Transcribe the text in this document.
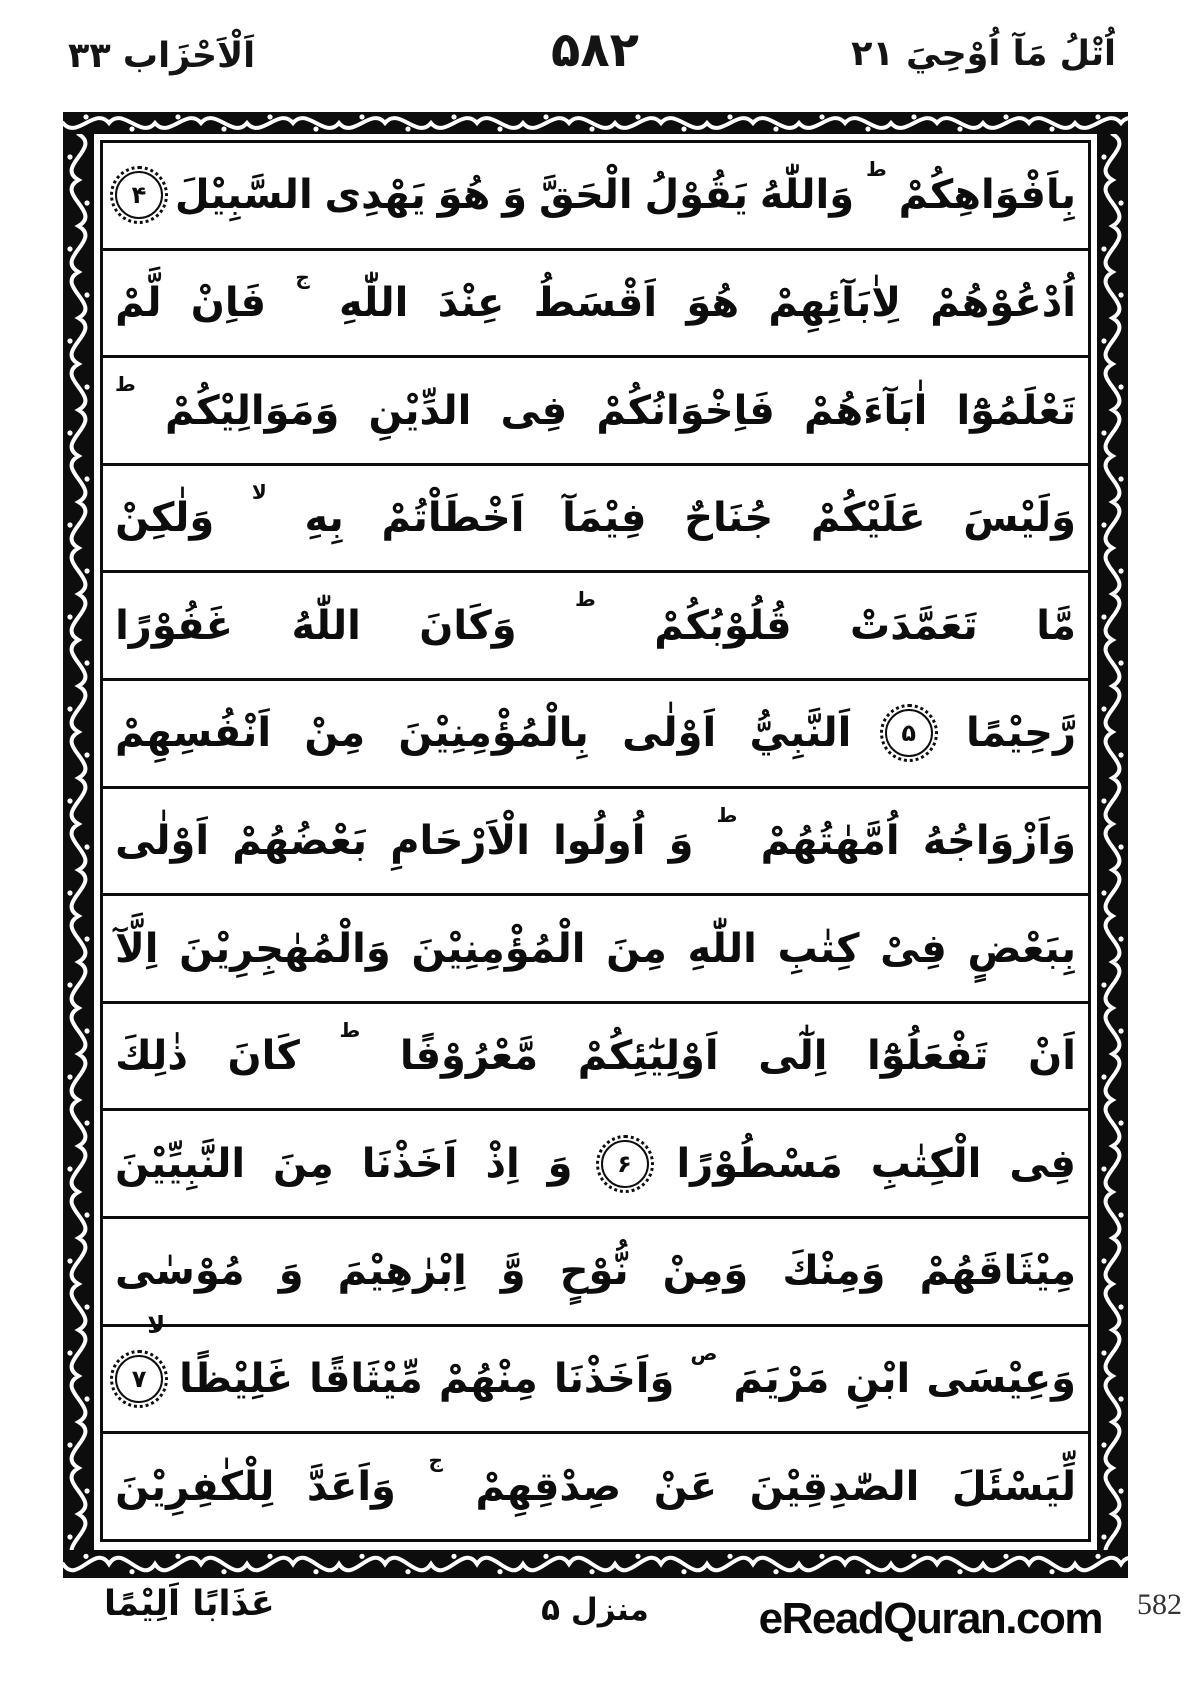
اَلْاَحْزَاب ۳۳	۵۸۲	اُتْلُ مَآ اُوْحِيَ ۲۱
بِاَفْوَاهِكُمْ
ط
وَاللّٰهُ
يَقُوْلُ
الْحَقَّ
وَ
هُوَ
يَهْدِى
السَّبِيْلَ
۴
اُدْعُوْهُمْ
لِاٰبَآئِهِمْ
هُوَ
اَقْسَطُ
عِنْدَ
اللّٰهِ
ج
فَاِنْ
لَّمْ
تَعْلَمُوْٓا
اٰبَآءَهُمْ
فَاِخْوَانُكُمْ
فِى
الدِّيْنِ
وَمَوَالِيْكُمْ
ط
وَلَيْسَ
عَلَيْكُمْ
جُنَاحٌ
فِيْمَآ
اَخْطَاْتُمْ
بِهِ
لا
وَلٰكِنْ
مَّا
تَعَمَّدَتْ
قُلُوْبُكُمْ
ط
وَكَانَ
اللّٰهُ
غَفُوْرًا
رَّحِيْمًا
۵
اَلنَّبِيُّ
اَوْلٰى
بِالْمُؤْمِنِيْنَ
مِنْ
اَنْفُسِهِمْ
وَاَزْوَاجُهُ
اُمَّهٰتُهُمْ
ط
وَ
اُولُوا
الْاَرْحَامِ
بَعْضُهُمْ
اَوْلٰى
بِبَعْضٍ
فِىْ
كِتٰبِ
اللّٰهِ
مِنَ
الْمُؤْمِنِيْنَ
وَالْمُهٰجِرِيْنَ
اِلَّآ
اَنْ
تَفْعَلُوْٓا
اِلٰٓى
اَوْلِيٰٓئِكُمْ
مَّعْرُوْفًا
ط
كَانَ
ذٰلِكَ
فِى
الْكِتٰبِ
مَسْطُوْرًا
۶
وَ
اِذْ
اَخَذْنَا
مِنَ
النَّبِيِّيْنَ
مِيْثَاقَهُمْ
وَمِنْكَ
وَمِنْ
نُّوْحٍ
وَّ
اِبْرٰهِيْمَ
وَ
مُوْسٰى
وَعِيْسَى
ابْنِ
مَرْيَمَ
ص
وَاَخَذْنَا
مِنْهُمْ
مِّيْثَاقًا
غَلِيْظًا
۷
لا
لِّيَسْئَلَ
الصّٰدِقِيْنَ
عَنْ
صِدْقِهِمْ
ج
وَاَعَدَّ
لِلْكٰفِرِيْنَ
عَذَابًا اَلِيْمًا	منزل ۵ eReadQuran.com 582
